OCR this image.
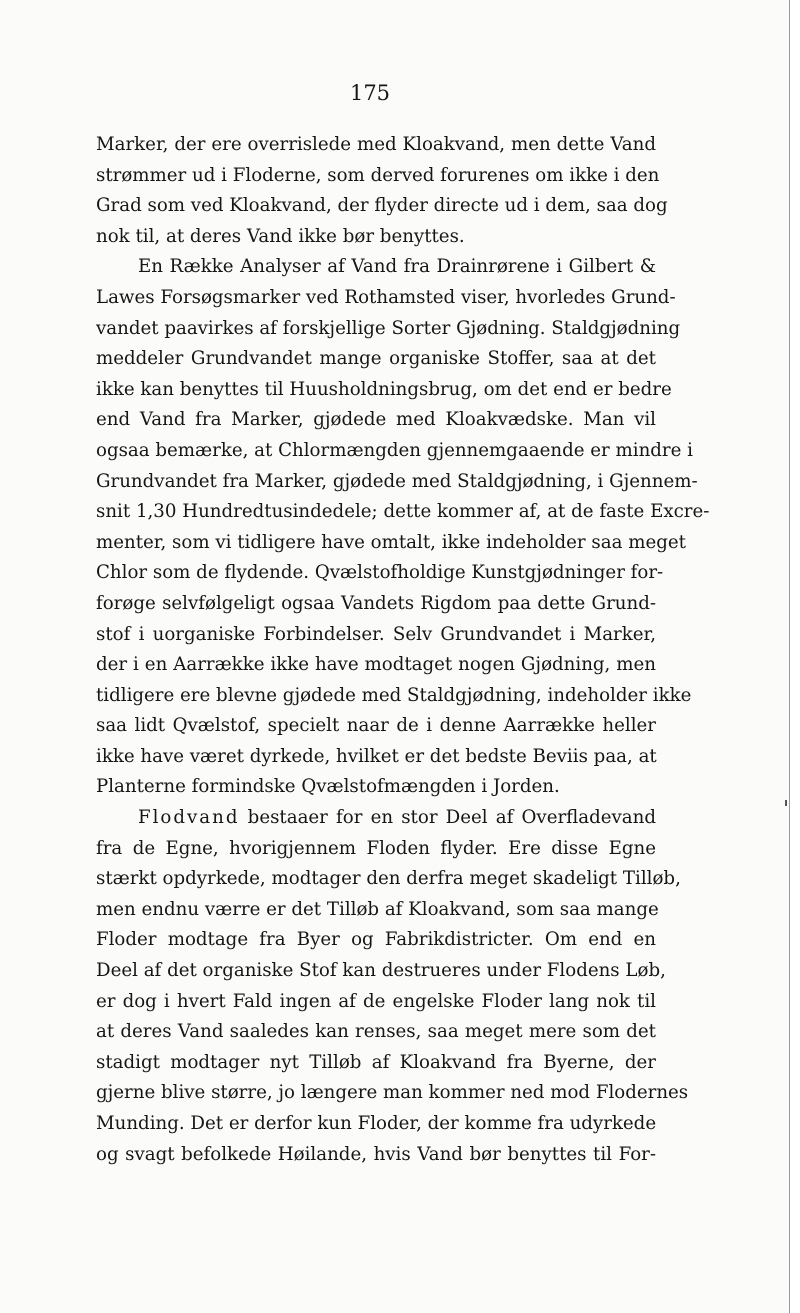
175
Marker, der ere overrislede med Kloakvand, men dette Vand
strømmer ud i Floderne, som derved forurenes om ikke i den
Grad som ved Kloakvand, der flyder directe ud i dem, saa dog
nok til, at deres Vand ikke bør benyttes.
En Række Analyser af Vand fra Drainrørene i Gilbert &
Lawes Forsøgsmarker ved Rothamsted viser, hvorledes Grund-
vandet paavirkes af forskjellige Sorter Gjødning. Staldgjødning
meddeler Grundvandet mange organiske Stoffer, saa at det
ikke kan benyttes til Huusholdningsbrug, om det end er bedre
end Vand fra Marker, gjødede med Kloakvædske. Man vil
ogsaa bemærke, at Chlormængden gjennemgaaende er mindre i
Grundvandet fra Marker, gjødede med Staldgjødning, i Gjennem-
snit 1,30 Hundredtusindedele; dette kommer af, at de faste Excre-
menter, som vi tidligere have omtalt, ikke indeholder saa meget
Chlor som de flydende. Qvælstofholdige Kunstgjødninger for-
forøge selvfølgeligt ogsaa Vandets Rigdom paa dette Grund-
stof i uorganiske Forbindelser. Selv Grundvandet i Marker,
der i en Aarrække ikke have modtaget nogen Gjødning, men
tidligere ere blevne gjødede med Staldgjødning, indeholder ikke
saa lidt Qvælstof, specielt naar de i denne Aarrække heller
ikke have været dyrkede, hvilket er det bedste Beviis paa, at
Planterne formindske Qvælstofmængden i Jorden.
Flodvand bestaaer for en stor Deel af Overfladevand
fra de Egne, hvorigjennem Floden flyder. Ere disse Egne
stærkt opdyrkede, modtager den derfra meget skadeligt Tilløb,
men endnu værre er det Tilløb af Kloakvand, som saa mange
Floder modtage fra Byer og Fabrikdistricter. Om end en
Deel af det organiske Stof kan destrueres under Flodens Løb,
er dog i hvert Fald ingen af de engelske Floder lang nok til
at deres Vand saaledes kan renses, saa meget mere som det
stadigt modtager nyt Tilløb af Kloakvand fra Byerne, der
gjerne blive større, jo længere man kommer ned mod Flodernes
Munding. Det er derfor kun Floder, der komme fra udyrkede
og svagt befolkede Høilande, hvis Vand bør benyttes til For-
